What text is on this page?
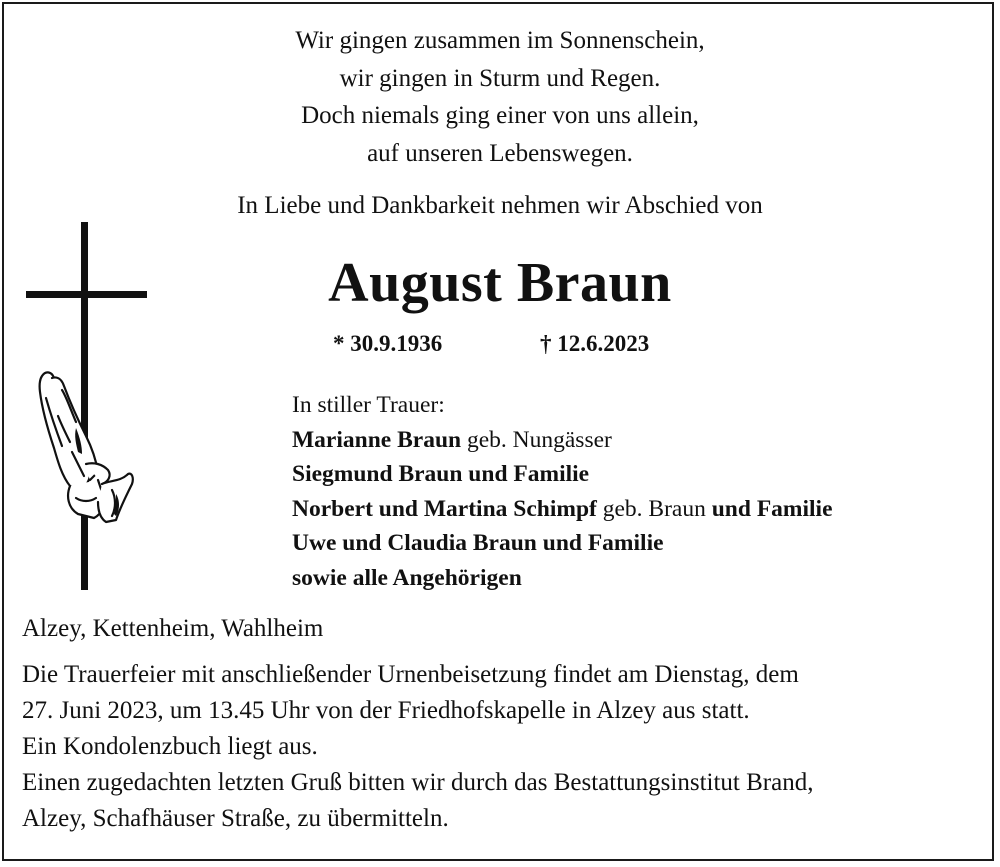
Wir gingen zusammen im Sonnenschein,
wir gingen in Sturm und Regen.
Doch niemals ging einer von uns allein,
auf unseren Lebenswegen.
In Liebe und Dankbarkeit nehmen wir Abschied von
August Braun
* 30.9.1936	† 12.6.2023
In stiller Trauer:
Marianne Braun geb. Nungässer
Siegmund Braun und Familie
Norbert und Martina Schimpf geb. Braun und Familie
Uwe und Claudia Braun und Familie
sowie alle Angehörigen
Alzey, Kettenheim, Wahlheim
Die Trauerfeier mit anschließender Urnenbeisetzung findet am Dienstag, dem
27. Juni 2023, um 13.45 Uhr von der Friedhofskapelle in Alzey aus statt.
Ein Kondolenzbuch liegt aus.
Einen zugedachten letzten Gruß bitten wir durch das Bestattungsinstitut Brand,
Alzey, Schafhäuser Straße, zu übermitteln.
